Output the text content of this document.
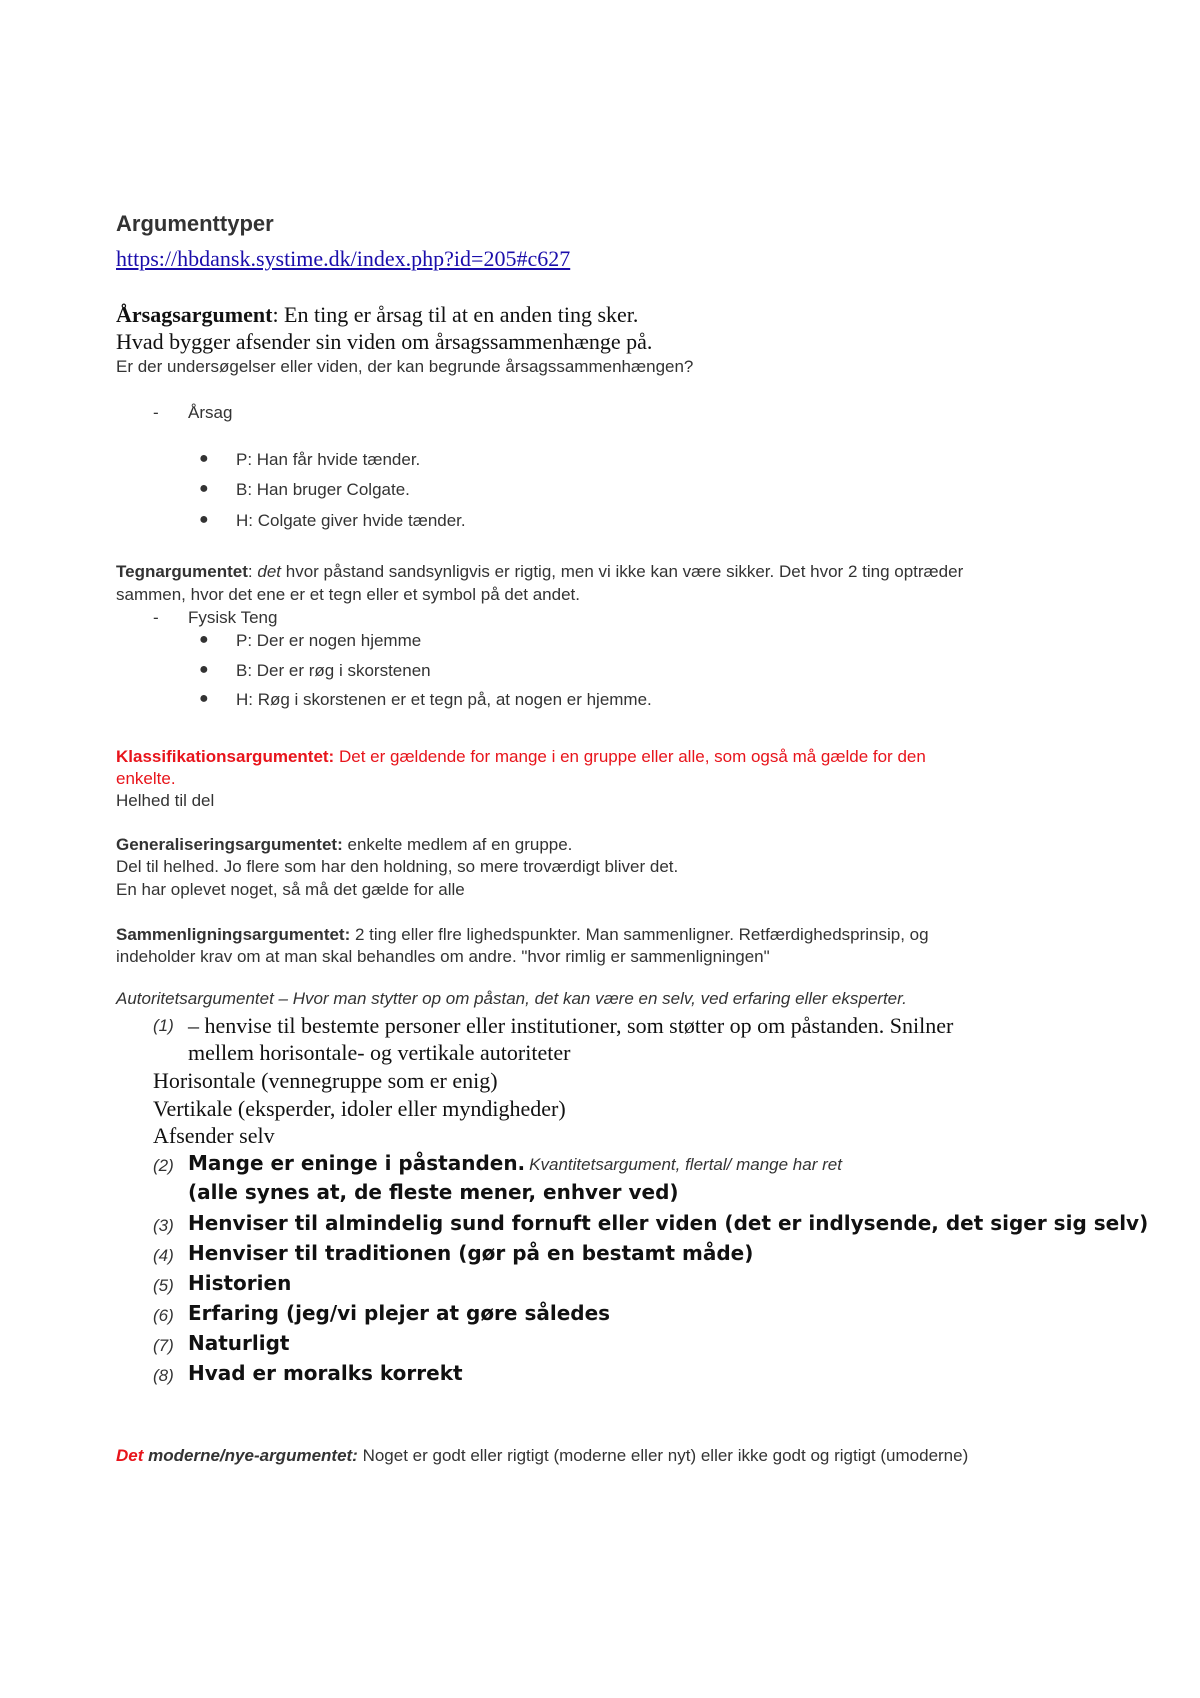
Argumenttyper
https://hbdansk.systime.dk/index.php?id=205#c627
Årsagsargument: En ting er årsag til at en anden ting sker.
Hvad bygger afsender sin viden om årsagssammenhænge på.
Er der undersøgelser eller viden, der kan begrunde årsagssammenhængen?
- Årsag
● P: Han får hvide tænder.
● B: Han bruger Colgate.
● H: Colgate giver hvide tænder.
Tegnargumentet: det hvor påstand sandsynligvis er rigtig, men vi ikke kan være sikker. Det hvor 2 ting optræder
sammen, hvor det ene er et tegn eller et symbol på det andet.
- Fysisk Teng
● P: Der er nogen hjemme
● B: Der er røg i skorstenen
● H: Røg i skorstenen er et tegn på, at nogen er hjemme.
Klassifikationsargumentet: Det er gældende for mange i en gruppe eller alle, som også må gælde for den
enkelte.
Helhed til del
Generaliseringsargumentet: enkelte medlem af en gruppe.
Del til helhed. Jo flere som har den holdning, so mere troværdigt bliver det.
En har oplevet noget, så må det gælde for alle
Sammenligningsargumentet: 2 ting eller flre lighedspunkter. Man sammenligner. Retfærdighedsprinsip, og
indeholder krav om at man skal behandles om andre. "hvor rimlig er sammenligningen"
Autoritetsargumentet – Hvor man stytter op om påstan, det kan være en selv, ved erfaring eller eksperter.
(1) – henvise til bestemte personer eller institutioner, som støtter op om påstanden. Snilner
mellem horisontale- og vertikale autoriteter
Horisontale (vennegruppe som er enig)
Vertikale (eksperder, idoler eller myndigheder)
Afsender selv
(2) Mange er eninge i påstanden. Kvantitetsargument, flertal/ mange har ret
(alle synes at, de fleste mener, enhver ved)
(3) Henviser til almindelig sund fornuft eller viden (det er indlysende, det siger sig selv)
(4) Henviser til traditionen (gør på en bestamt måde)
(5) Historien
(6) Erfaring (jeg/vi plejer at gøre således
(7) Naturligt
(8) Hvad er moralks korrekt
Det moderne/nye-argumentet: Noget er godt eller rigtigt (moderne eller nyt) eller ikke godt og rigtigt (umoderne)
